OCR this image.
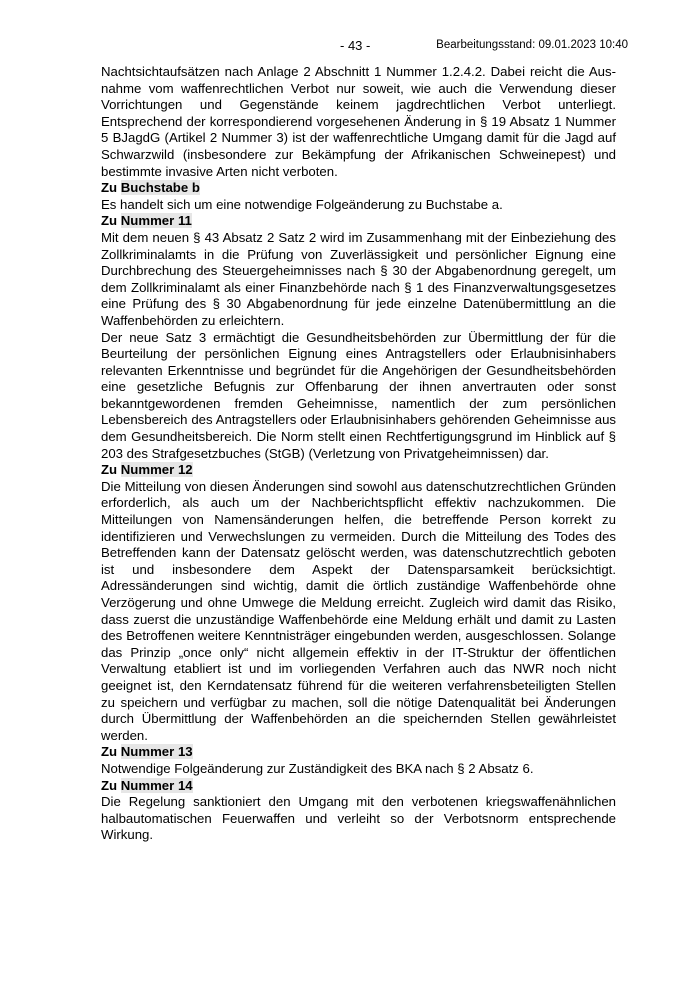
- 43 -	Bearbeitungsstand: 09.01.2023 10:40

Nachtsichtaufsätzen nach Anlage 2 Abschnitt 1 Nummer 1.2.4.2. Dabei reicht die Ausnahme vom waffenrechtlichen Verbot nur soweit, wie auch die Verwendung dieser Vorrichtungen und Gegenstände keinem jagdrechtlichen Verbot unterliegt. Entsprechend der korrespondierend vorgesehenen Änderung in § 19 Absatz 1 Nummer 5 BJagdG (Artikel 2 Nummer 3) ist der waffenrechtliche Umgang damit für die Jagd auf Schwarzwild (insbesondere zur Bekämpfung der Afrikanischen Schweinepest) und bestimmte invasive Arten nicht verboten.

Zu Buchstabe b

Es handelt sich um eine notwendige Folgeänderung zu Buchstabe a.

Zu Nummer 11

Mit dem neuen § 43 Absatz 2 Satz 2 wird im Zusammenhang mit der Einbeziehung des Zollkriminalamts in die Prüfung von Zuverlässigkeit und persönlicher Eignung eine Durchbrechung des Steuergeheimnisses nach § 30 der Abgabenordnung geregelt, um dem Zollkriminalamt als einer Finanzbehörde nach § 1 des Finanzverwaltungsgesetzes eine Prüfung des § 30 Abgabenordnung für jede einzelne Datenübermittlung an die Waffenbehörden zu erleichtern.

Der neue Satz 3 ermächtigt die Gesundheitsbehörden zur Übermittlung der für die Beurteilung der persönlichen Eignung eines Antragstellers oder Erlaubnisinhabers relevanten Erkenntnisse und begründet für die Angehörigen der Gesundheitsbehörden eine gesetzliche Befugnis zur Offenbarung der ihnen anvertrauten oder sonst bekanntgewordenen fremden Geheimnisse, namentlich der zum persönlichen Lebensbereich des Antragstellers oder Erlaubnisinhabers gehörenden Geheimnisse aus dem Gesundheitsbereich. Die Norm stellt einen Rechtfertigungsgrund im Hinblick auf § 203 des Strafgesetzbuches (StGB) (Verletzung von Privatgeheimnissen) dar.

Zu Nummer 12

Die Mitteilung von diesen Änderungen sind sowohl aus datenschutzrechtlichen Gründen erforderlich, als auch um der Nachberichtspflicht effektiv nachzukommen. Die Mitteilungen von Namensänderungen helfen, die betreffende Person korrekt zu identifizieren und Verwechslungen zu vermeiden. Durch die Mitteilung des Todes des Betreffenden kann der Datensatz gelöscht werden, was datenschutzrechtlich geboten ist und insbesondere dem Aspekt der Datensparsamkeit berücksichtigt. Adressänderungen sind wichtig, damit die örtlich zuständige Waffenbehörde ohne Verzögerung und ohne Umwege die Meldung erreicht. Zugleich wird damit das Risiko, dass zuerst die unzuständige Waffenbehörde eine Meldung erhält und damit zu Lasten des Betroffenen weitere Kenntnisträger eingebunden werden, ausgeschlossen. Solange das Prinzip „once only“ nicht allgemein effektiv in der IT-Struktur der öffentlichen Verwaltung etabliert ist und im vorliegenden Verfahren auch das NWR noch nicht geeignet ist, den Kerndatensatz führend für die weiteren verfahrensbeteiligten Stellen zu speichern und verfügbar zu machen, soll die nötige Datenqualität bei Änderungen durch Übermittlung der Waffenbehörden an die speichernden Stellen gewährleistet werden.

Zu Nummer 13

Notwendige Folgeänderung zur Zuständigkeit des BKA nach § 2 Absatz 6.

Zu Nummer 14

Die Regelung sanktioniert den Umgang mit den verbotenen kriegswaffenähnlichen halbautomatischen Feuerwaffen und verleiht so der Verbotsnorm entsprechende Wirkung.
